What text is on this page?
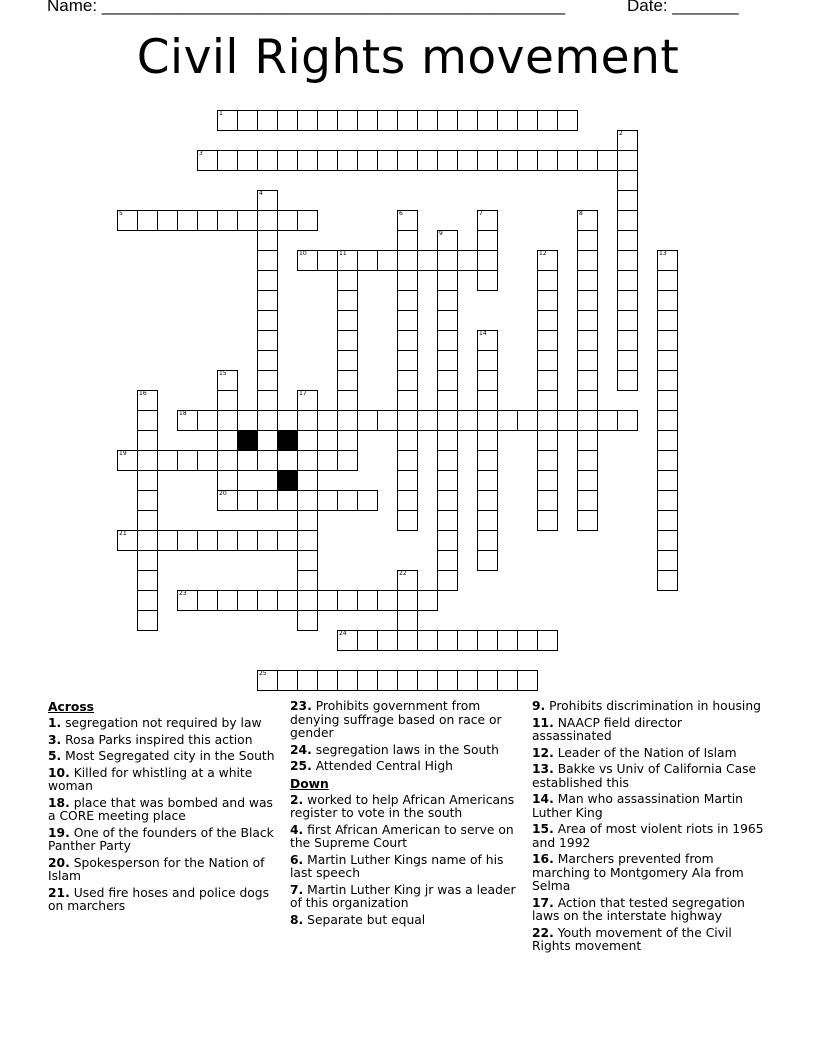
Name: _________________________________________________	Date: _______
Civil Rights movement
1
2
3
4
5	6	7	8
9
10	11	12	13
14
15
20
16	17
18
19
21
22
23
24
25
Across
1. segregation not required by law
3. Rosa Parks inspired this action
5. Most Segregated city in the South
10. Killed for whistling at a white woman
18. place that was bombed and was a CORE meeting place
19. One of the founders of the Black Panther Party
20. Spokesperson for the Nation of Islam
21. Used fire hoses and police dogs on marchers
23. Prohibits government from denying suffrage based on race or gender
24. segregation laws in the South
25. Attended Central High
Down
2. worked to help African Americans register to vote in the south
4. first African American to serve on the Supreme Court
6. Martin Luther Kings name of his last speech
7. Martin Luther King jr was a leader of this organization
8. Separate but equal
9. Prohibits discrimination in housing
11. NAACP field director assassinated
12. Leader of the Nation of Islam
13. Bakke vs Univ of California Case established this
14. Man who assassination Martin Luther King
15. Area of most violent riots in 1965 and 1992
16. Marchers prevented from marching to Montgomery Ala from Selma
17. Action that tested segregation laws on the interstate highway
22. Youth movement of the Civil Rights movement
